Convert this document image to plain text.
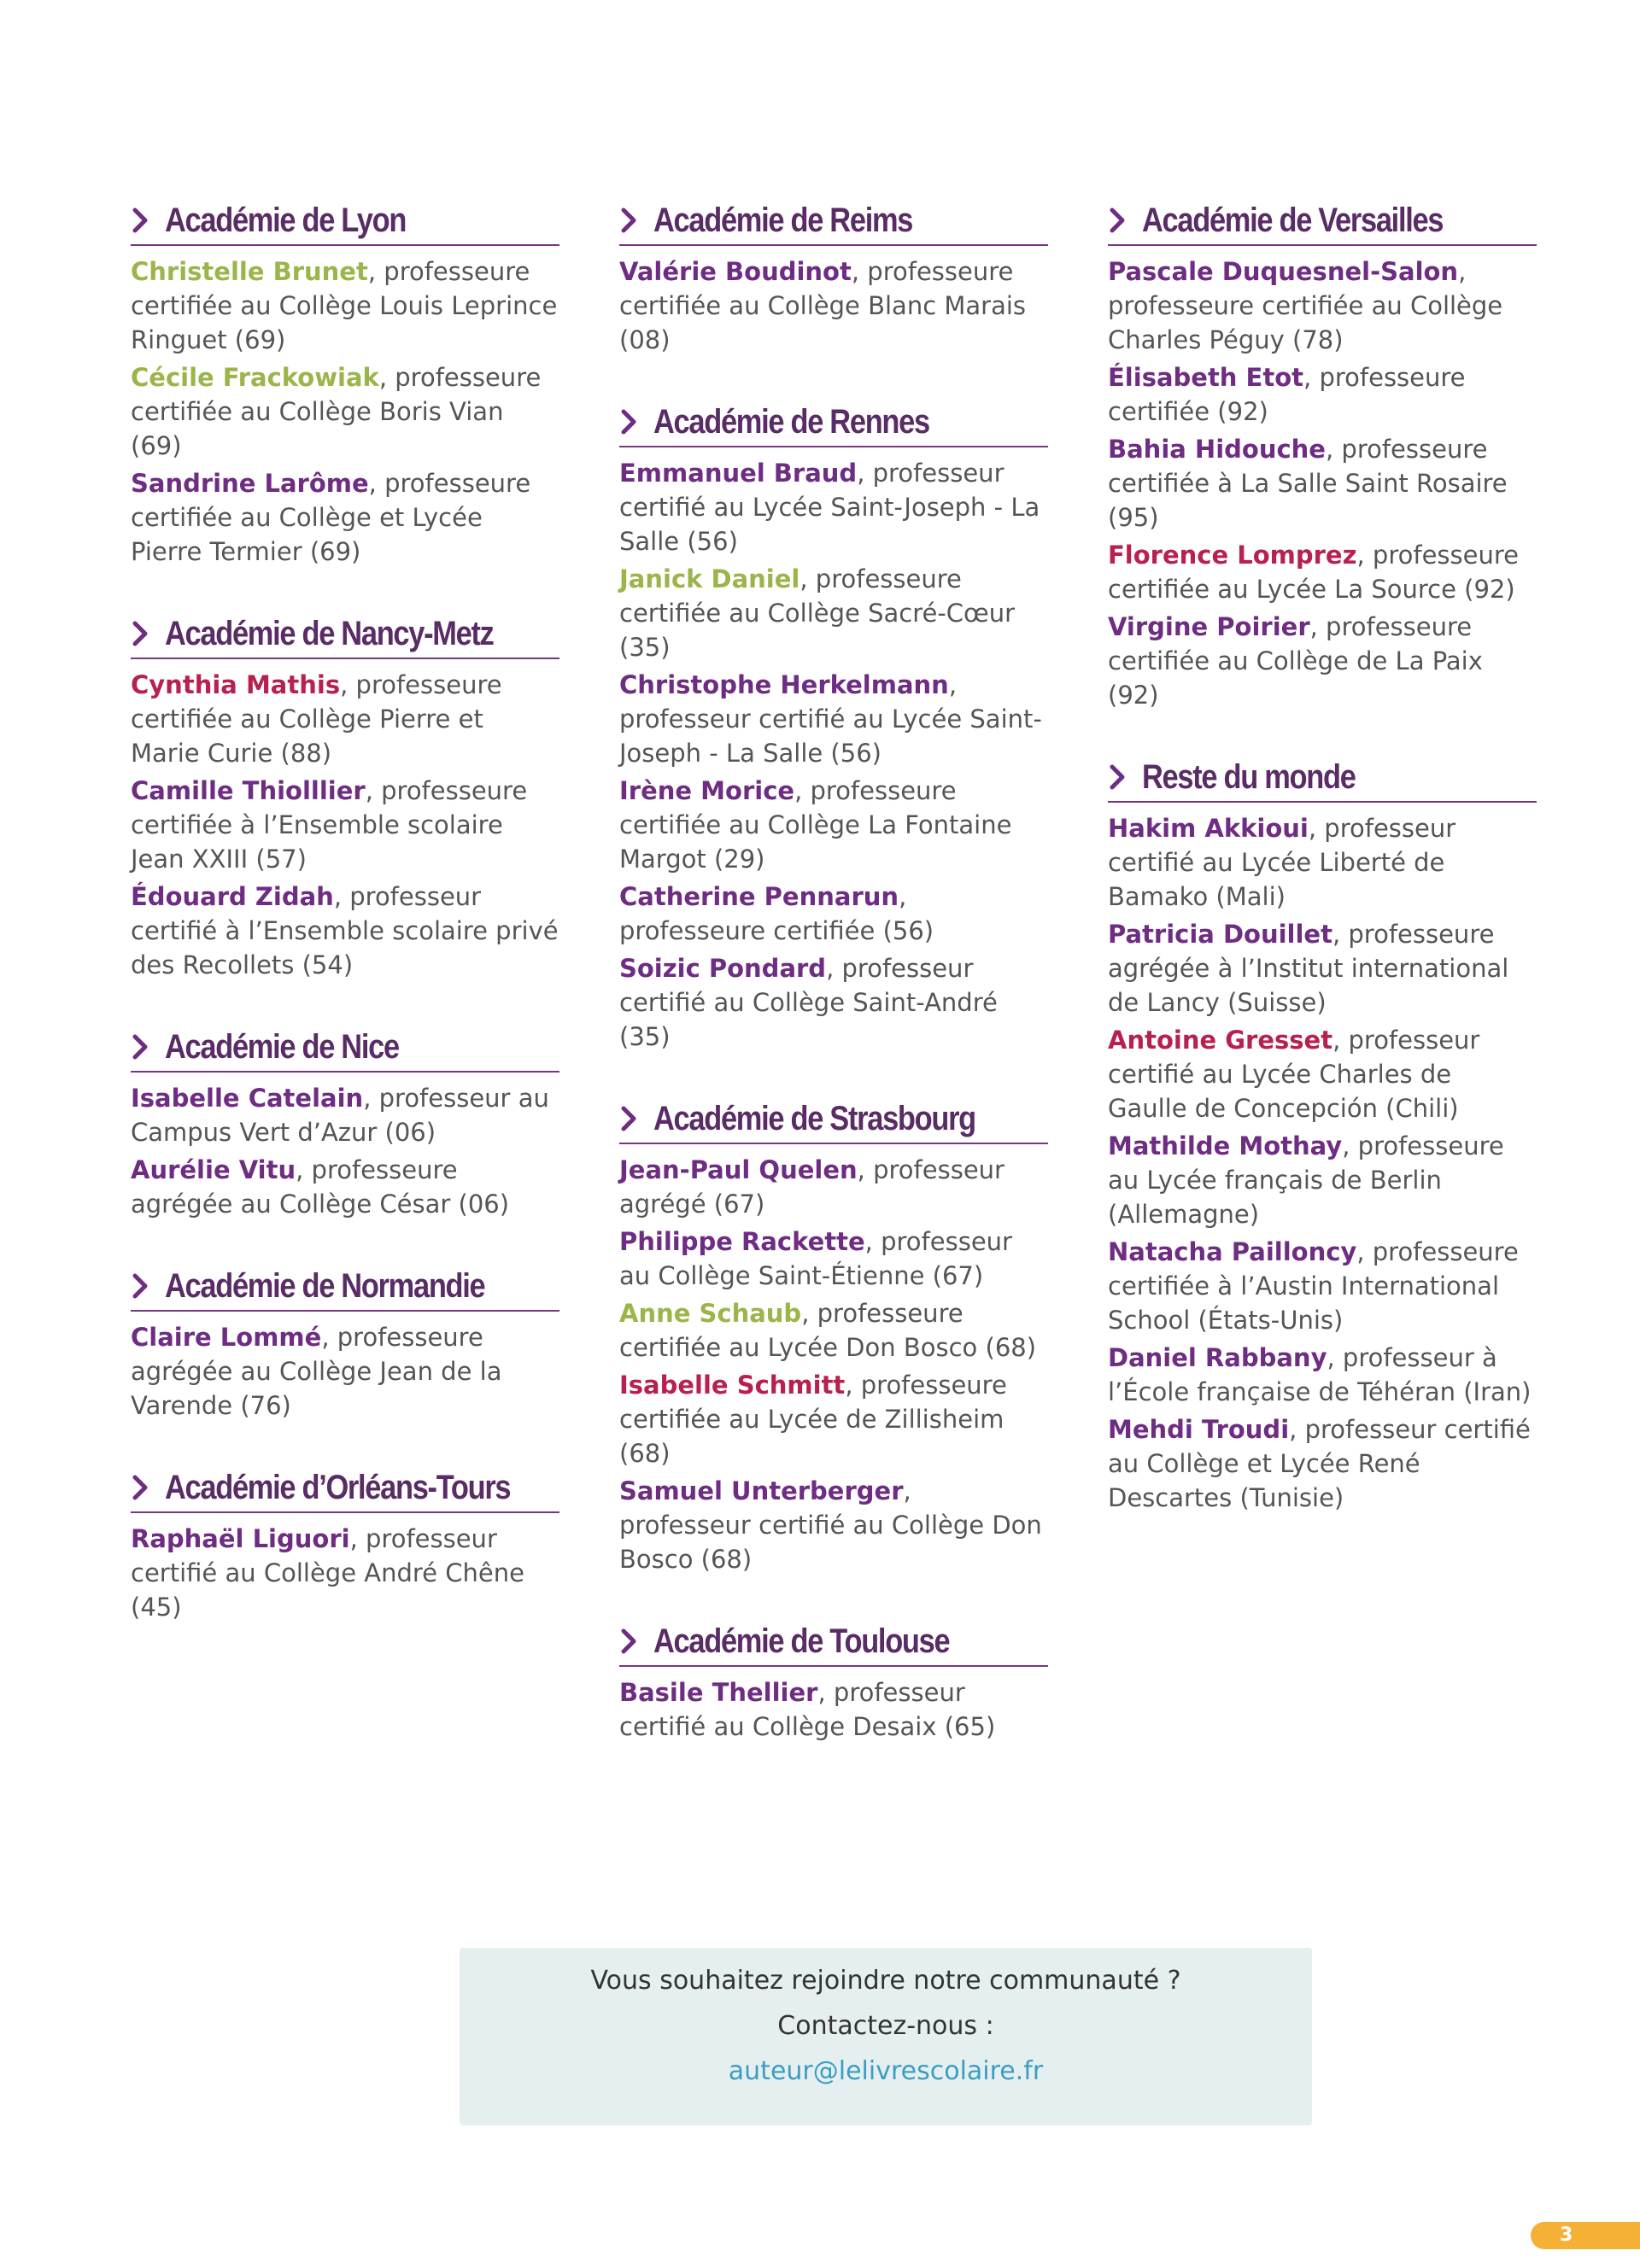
Académie de Lyon
Christelle Brunet, professeure certifiée au Collège Louis Leprince Ringuet (69)
Cécile Frackowiak, professeure certifiée au Collège Boris Vian (69)
Sandrine Larôme, professeure certifiée au Collège et Lycée Pierre Termier (69)
Académie de Nancy-Metz
Cynthia Mathis, professeure certifiée au Collège Pierre et Marie Curie (88)
Camille Thiolllier, professeure certifiée à l’Ensemble scolaire Jean XXIII (57)
Édouard Zidah, professeur certifié à l’Ensemble scolaire privé des Recollets (54)
Académie de Nice
Isabelle Catelain, professeur au Campus Vert d’Azur (06)
Aurélie Vitu, professeure agrégée au Collège César (06)
Académie de Normandie
Claire Lommé, professeure agrégée au Collège Jean de la Varende (76)
Académie d’Orléans-Tours
Raphaël Liguori, professeur certifié au Collège André Chêne (45)
Académie de Reims
Valérie Boudinot, professeure certifiée au Collège Blanc Marais (08)
Académie de Rennes
Emmanuel Braud, professeur certifié au Lycée Saint-Joseph - La Salle (56)
Janick Daniel, professeure certifiée au Collège Sacré-Cœur (35)
Christophe Herkelmann, professeur certifié au Lycée Saint-Joseph - La Salle (56)
Irène Morice, professeure certifiée au Collège La Fontaine Margot (29)
Catherine Pennarun, professeure certifiée (56)
Soizic Pondard, professeur certifié au Collège Saint-André (35)
Académie de Strasbourg
Jean-Paul Quelen, professeur agrégé (67)
Philippe Rackette, professeur au Collège Saint-Étienne (67)
Anne Schaub, professeure certifiée au Lycée Don Bosco (68)
Isabelle Schmitt, professeure certifiée au Lycée de Zillisheim (68)
Samuel Unterberger, professeur certifié au Collège Don Bosco (68)
Académie de Toulouse
Basile Thellier, professeur certifié au Collège Desaix (65)
Académie de Versailles
Pascale Duquesnel-Salon, professeure certifiée au Collège Charles Péguy (78)
Élisabeth Etot, professeure certifiée (92)
Bahia Hidouche, professeure certifiée à La Salle Saint Rosaire (95)
Florence Lomprez, professeure certifiée au Lycée La Source (92)
Virgine Poirier, professeure certifiée au Collège de La Paix (92)
Reste du monde
Hakim Akkioui, professeur certifié au Lycée Liberté de Bamako (Mali)
Patricia Douillet, professeure agrégée à l’Institut international de Lancy (Suisse)
Antoine Gresset, professeur certifié au Lycée Charles de Gaulle de Concepción (Chili)
Mathilde Mothay, professeure au Lycée français de Berlin (Allemagne)
Natacha Pailloncy, professeure certifiée à l’Austin International School (États-Unis)
Daniel Rabbany, professeur à l’École française de Téhéran (Iran)
Mehdi Troudi, professeur certifié au Collège et Lycée René Descartes (Tunisie)
Vous souhaitez rejoindre notre communauté ?
Contactez-nous :
auteur@lelivrescolaire.fr
3
